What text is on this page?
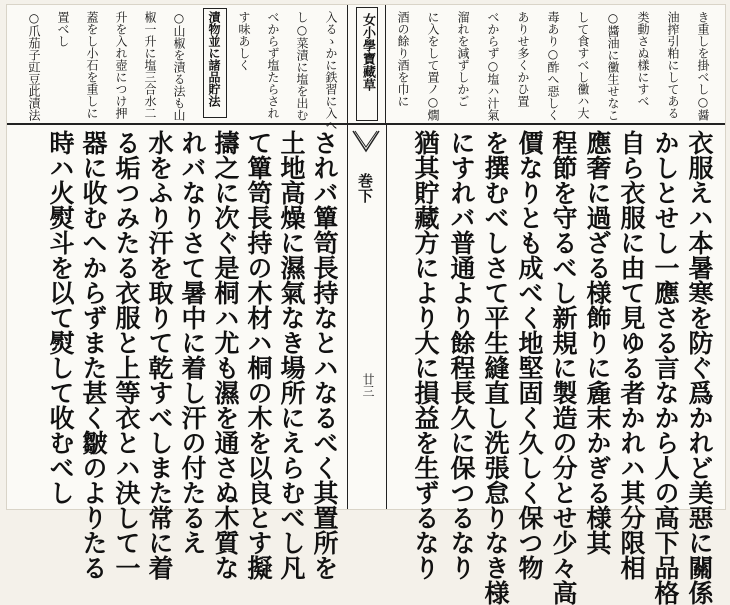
き重しを掛べし○醤
油搾引粕にしてある
类動さぬ樣にすべ
○醬油に黴生せなこ
して食すべし黴ハ大
毒あり○酢へ惡しく
ありせ多くかひ置
べからず○塩ハ汁氣
溜れを減ずしかご
に入をして置ノ○燗
酒の餘り酒を巾に
入るゝかに鉄習に入へ
し○菜漬に塩を出む
べからず塩たらされ
す味あしく
漬物並に諸品貯法
○山椒を漬る法も山
椒一升に塩三合水二
升を入れ壺につけ押
蓋をし小石を重しに
置べし
○爪茄子豇豆此漬法	女小學寶藏草
巻下
廿三	衣服えハ本暑寒を防ぐ爲かれど美惡に關係
かしとせし一應さる言なから人の高下品格
自ら衣服に由て見ゆる者かれハ其分限相
應奢に過ざる様飾りに麁末かぎる様其
程節を守るべし新規に製造の分とせ少々高
價なりとも成べく地堅固く久しく保つ物
を撰むべしさて平生縫直し洗張怠りなき様
にすれバ普通より餘程長久に保つるなり
猶其貯藏方により大に損益を生ずるなり
されバ簞笥長持なとハなるべく其置所を
土地高燥に濕氣なき場所にえらむべし凡
て簞笥長持の木材ハ桐の木を以良とす擬
擣之に次ぐ是桐ハ尤も濕を通さぬ木質な
れバなりさて暑中に着し汗の付たるえ
水をふり汗を取りて乾すべしまた常に着
る垢つみたる衣服と上等衣とハ決して一
器に收むへからずまた甚く皺のよりたる
時ハ火熨斗を以て熨して收むべし
